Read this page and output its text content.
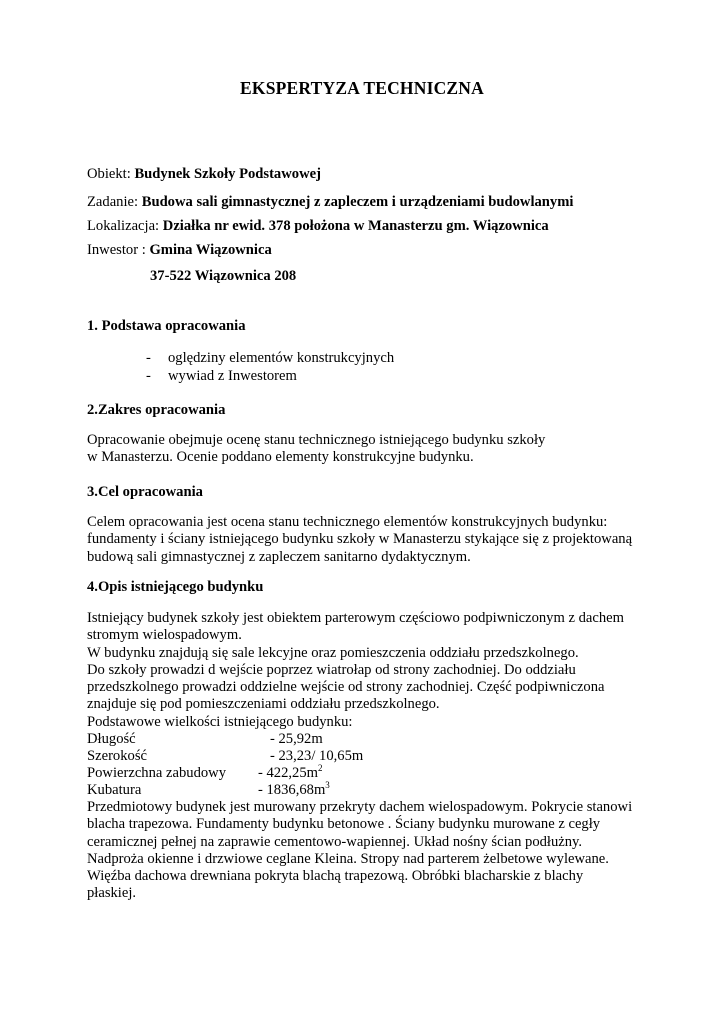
EKSPERTYZA TECHNICZNA
Obiekt: Budynek Szkoły Podstawowej
Zadanie: Budowa sali gimnastycznej z zapleczem i urządzeniami budowlanymi
Lokalizacja: Działka nr ewid. 378 położona w Manasterzu gm. Wiązownica
Inwestor : Gmina Wiązownica
37-522 Wiązownica 208
1. Podstawa opracowania
- oględziny elementów konstrukcyjnych
- wywiad z Inwestorem
2.Zakres opracowania
Opracowanie obejmuje ocenę stanu technicznego istniejącego budynku szkoły
w Manasterzu. Ocenie poddano elementy konstrukcyjne budynku.
3.Cel opracowania
Celem opracowania jest ocena stanu technicznego elementów konstrukcyjnych budynku:
fundamenty i ściany istniejącego budynku szkoły w Manasterzu stykające się z projektowaną
budową sali gimnastycznej z zapleczem sanitarno dydaktycznym.
4.Opis istniejącego budynku
Istniejący budynek szkoły jest obiektem parterowym częściowo podpiwniczonym z dachem
stromym wielospadowym.
W budynku znajdują się sale lekcyjne oraz pomieszczenia oddziału przedszkolnego.
Do szkoły prowadzi d wejście poprzez wiatrołap od strony zachodniej. Do oddziału
przedszkolnego prowadzi oddzielne wejście od strony zachodniej. Część podpiwniczona
znajduje się pod pomieszczeniami oddziału przedszkolnego.
Podstawowe wielkości istniejącego budynku:
Długość	- 25,92m
Szerokość	- 23,23/ 10,65m
Powierzchna zabudowy - $422,25m^2$
Kubatura	- $1836,68m^3$
Przedmiotowy budynek jest murowany przekryty dachem wielospadowym. Pokrycie stanowi
blacha trapezowa. Fundamenty budynku betonowe . Ściany budynku murowane z cegły
ceramicznej pełnej na zaprawie cementowo-wapiennej. Układ nośny ścian podłużny.
Nadproża okienne i drzwiowe ceglane Kleina. Stropy nad parterem żelbetowe wylewane.
Więźba dachowa drewniana pokryta blachą trapezową. Obróbki blacharskie z blachy
płaskiej.
